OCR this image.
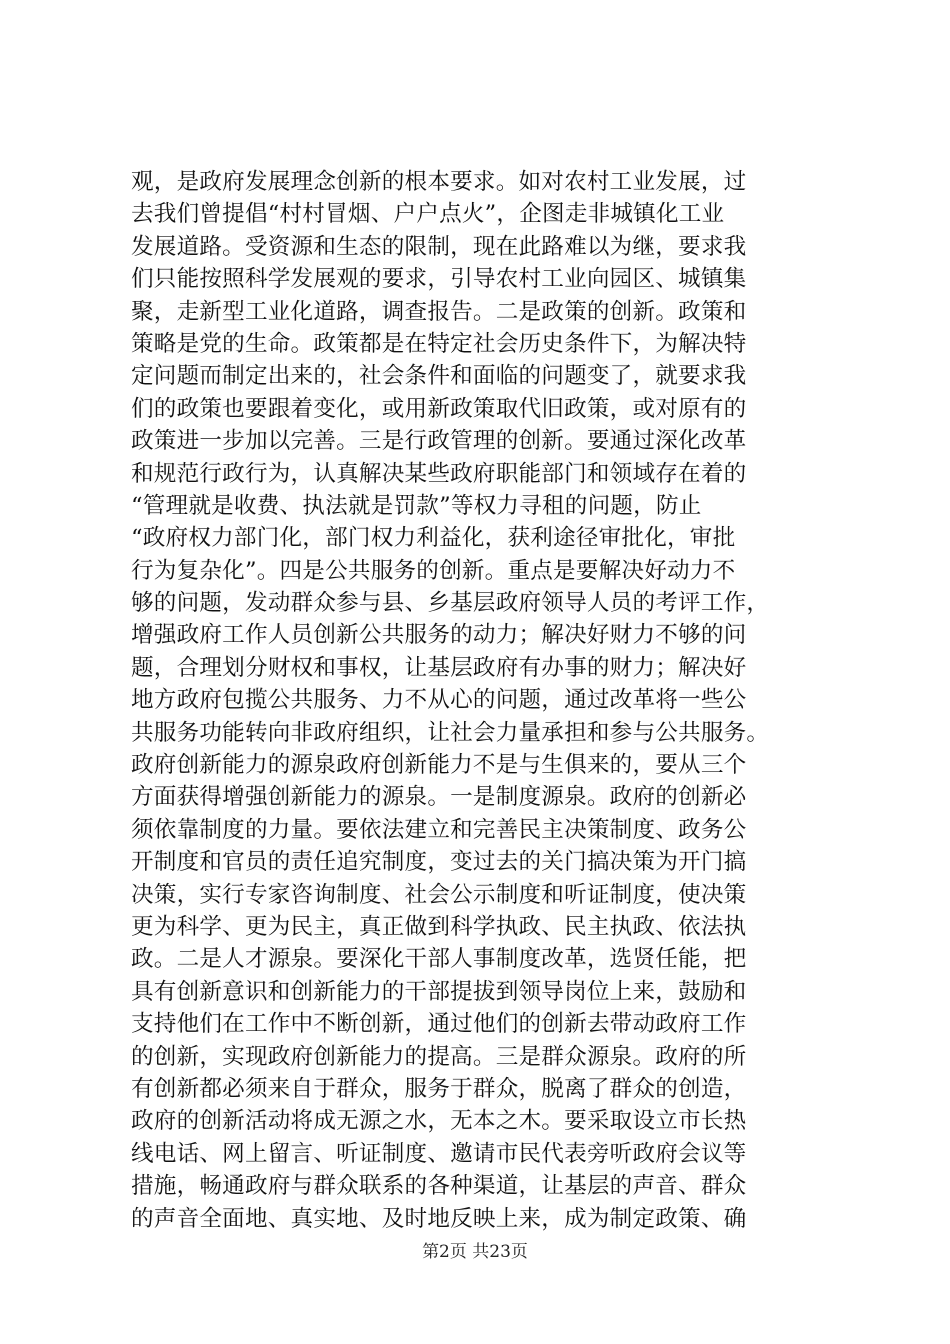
观，是政府发展理念创新的根本要求。如对农村工业发展，过
去我们曾提倡“村村冒烟、户户点火”，企图走非城镇化工业
发展道路。受资源和生态的限制，现在此路难以为继，要求我
们只能按照科学发展观的要求，引导农村工业向园区、城镇集
聚，走新型工业化道路，调查报告。二是政策的创新。政策和
策略是党的生命。政策都是在特定社会历史条件下，为解决特
定问题而制定出来的，社会条件和面临的问题变了，就要求我
们的政策也要跟着变化，或用新政策取代旧政策，或对原有的
政策进一步加以完善。三是行政管理的创新。要通过深化改革
和规范行政行为，认真解决某些政府职能部门和领域存在着的
“管理就是收费、执法就是罚款”等权力寻租的问题，防止
“政府权力部门化，部门权力利益化，获利途径审批化，审批
行为复杂化”。四是公共服务的创新。重点是要解决好动力不
够的问题，发动群众参与县、乡基层政府领导人员的考评工作，
增强政府工作人员创新公共服务的动力；解决好财力不够的问
题，合理划分财权和事权，让基层政府有办事的财力；解决好
地方政府包揽公共服务、力不从心的问题，通过改革将一些公
共服务功能转向非政府组织，让社会力量承担和参与公共服务。
政府创新能力的源泉政府创新能力不是与生俱来的，要从三个
方面获得增强创新能力的源泉。一是制度源泉。政府的创新必
须依靠制度的力量。要依法建立和完善民主决策制度、政务公
开制度和官员的责任追究制度，变过去的关门搞决策为开门搞
决策，实行专家咨询制度、社会公示制度和听证制度，使决策
更为科学、更为民主，真正做到科学执政、民主执政、依法执
政。二是人才源泉。要深化干部人事制度改革，选贤任能，把
具有创新意识和创新能力的干部提拔到领导岗位上来，鼓励和
支持他们在工作中不断创新，通过他们的创新去带动政府工作
的创新，实现政府创新能力的提高。三是群众源泉。政府的所
有创新都必须来自于群众，服务于群众，脱离了群众的创造，
政府的创新活动将成无源之水，无本之木。要采取设立市长热
线电话、网上留言、听证制度、邀请市民代表旁听政府会议等
措施，畅通政府与群众联系的各种渠道，让基层的声音、群众
的声音全面地、真实地、及时地反映上来，成为制定政策、确
第2页 共23页
